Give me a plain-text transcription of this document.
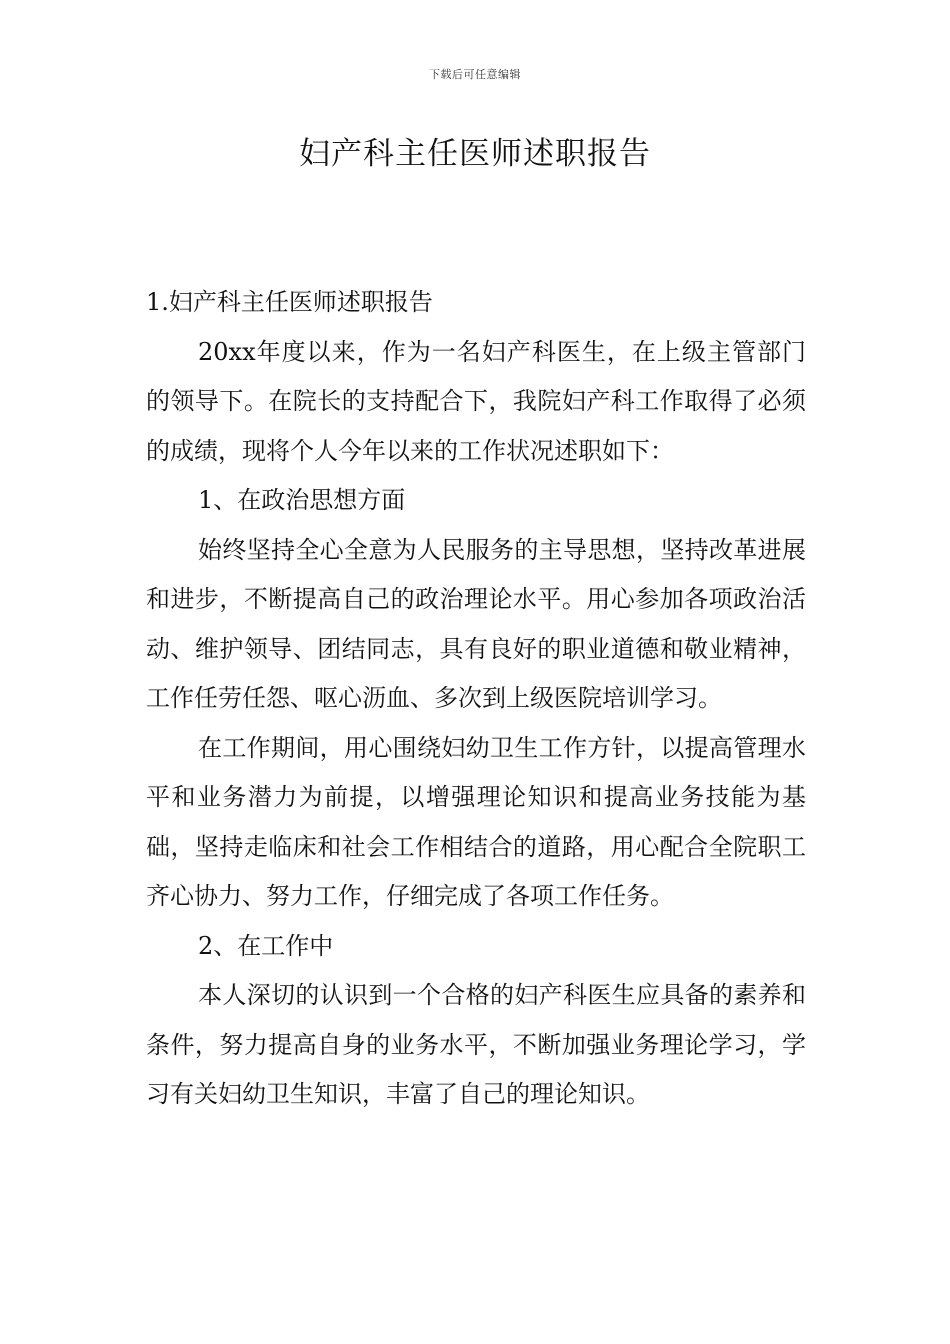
下载后可任意编辑
妇产科主任医师述职报告

1.妇产科主任医师述职报告

20xx年度以来，作为一名妇产科医生，在上级主管部门的领导下。在院长的支持配合下，我院妇产科工作取得了必须的成绩，现将个人今年以来的工作状况述职如下：

1、在政治思想方面

始终坚持全心全意为人民服务的主导思想，坚持改革进展和进步，不断提高自己的政治理论水平。用心参加各项政治活动、维护领导、团结同志，具有良好的职业道德和敬业精神，工作任劳任怨、呕心沥血、多次到上级医院培训学习。

在工作期间，用心围绕妇幼卫生工作方针，以提高管理水平和业务潜力为前提，以增强理论知识和提高业务技能为基础，坚持走临床和社会工作相结合的道路，用心配合全院职工齐心协力、努力工作，仔细完成了各项工作任务。

2、在工作中

本人深切的认识到一个合格的妇产科医生应具备的素养和条件，努力提高自身的业务水平，不断加强业务理论学习，学习有关妇幼卫生知识，丰富了自己的理论知识。
